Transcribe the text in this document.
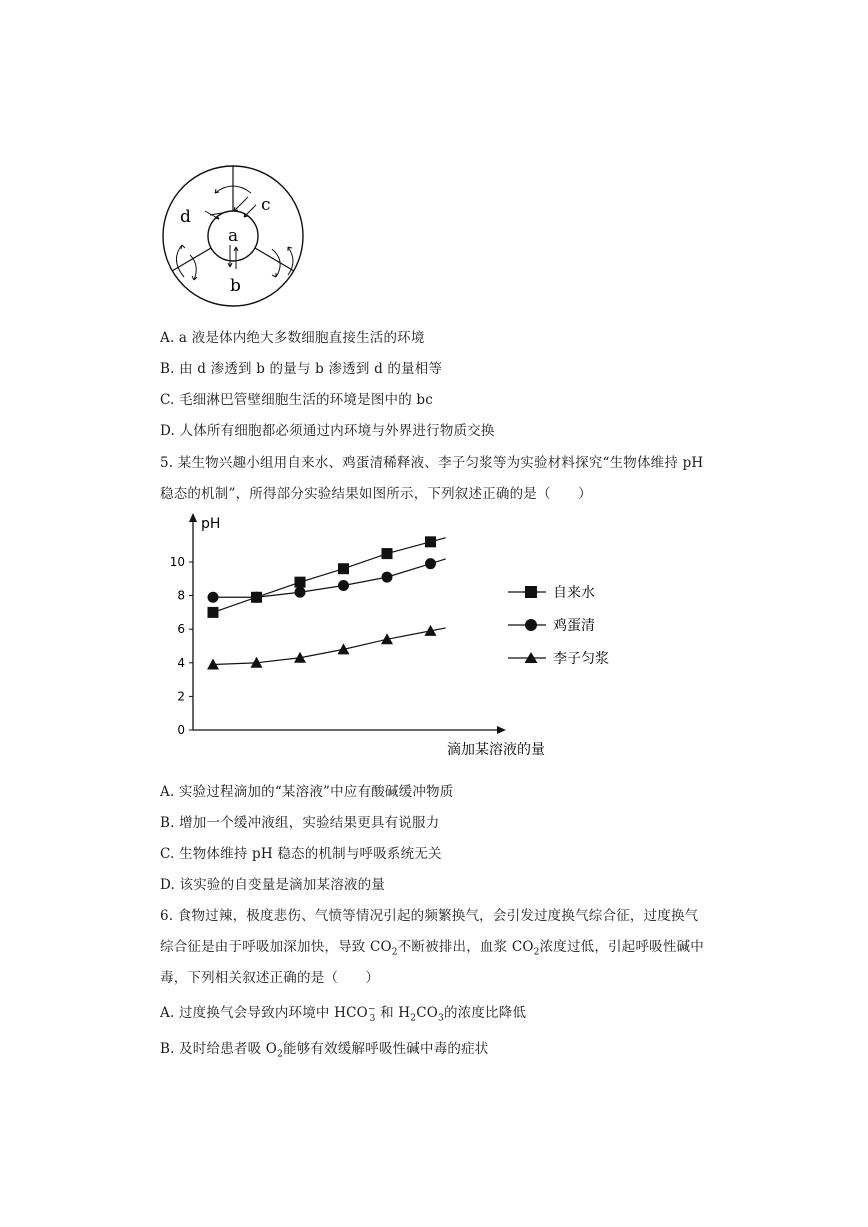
d
c
a
b
A. a 液是体内绝大多数细胞直接生活的环境
B. 由 d 渗透到 b 的量与 b 渗透到 d 的量相等
C. 毛细淋巴管壁细胞生活的环境是图中的 bc
D. 人体所有细胞都必须通过内环境与外界进行物质交换
5. 某生物兴趣小组用自来水、鸡蛋清稀释液、李子匀浆等为实验材料探究“生物体维持 pH
稳态的机制”，所得部分实验结果如图所示，下列叙述正确的是（　　）
pH
滴加某溶液的量
0
2
4
6
8
10
自来水
鸡蛋清
李子匀浆
A. 实验过程滴加的“某溶液”中应有酸碱缓冲物质
B. 增加一个缓冲液组，实验结果更具有说服力
C. 生物体维持 pH 稳态的机制与呼吸系统无关
D. 该实验的自变量是滴加某溶液的量
6. 食物过辣，极度悲伤、气愤等情况引起的频繁换气，会引发过度换气综合征，过度换气
综合征是由于呼吸加深加快，导致 $CO_2$不断被排出，血浆 $CO_2$浓度过低，引起呼吸性碱中
毒，下列相关叙述正确的是（　　）
A. 过度换气会导致内环境中 $HCO^-_3$ 和 $H_2CO_3$的浓度比降低
B. 及时给患者吸 $O_2$能够有效缓解呼吸性碱中毒的症状
